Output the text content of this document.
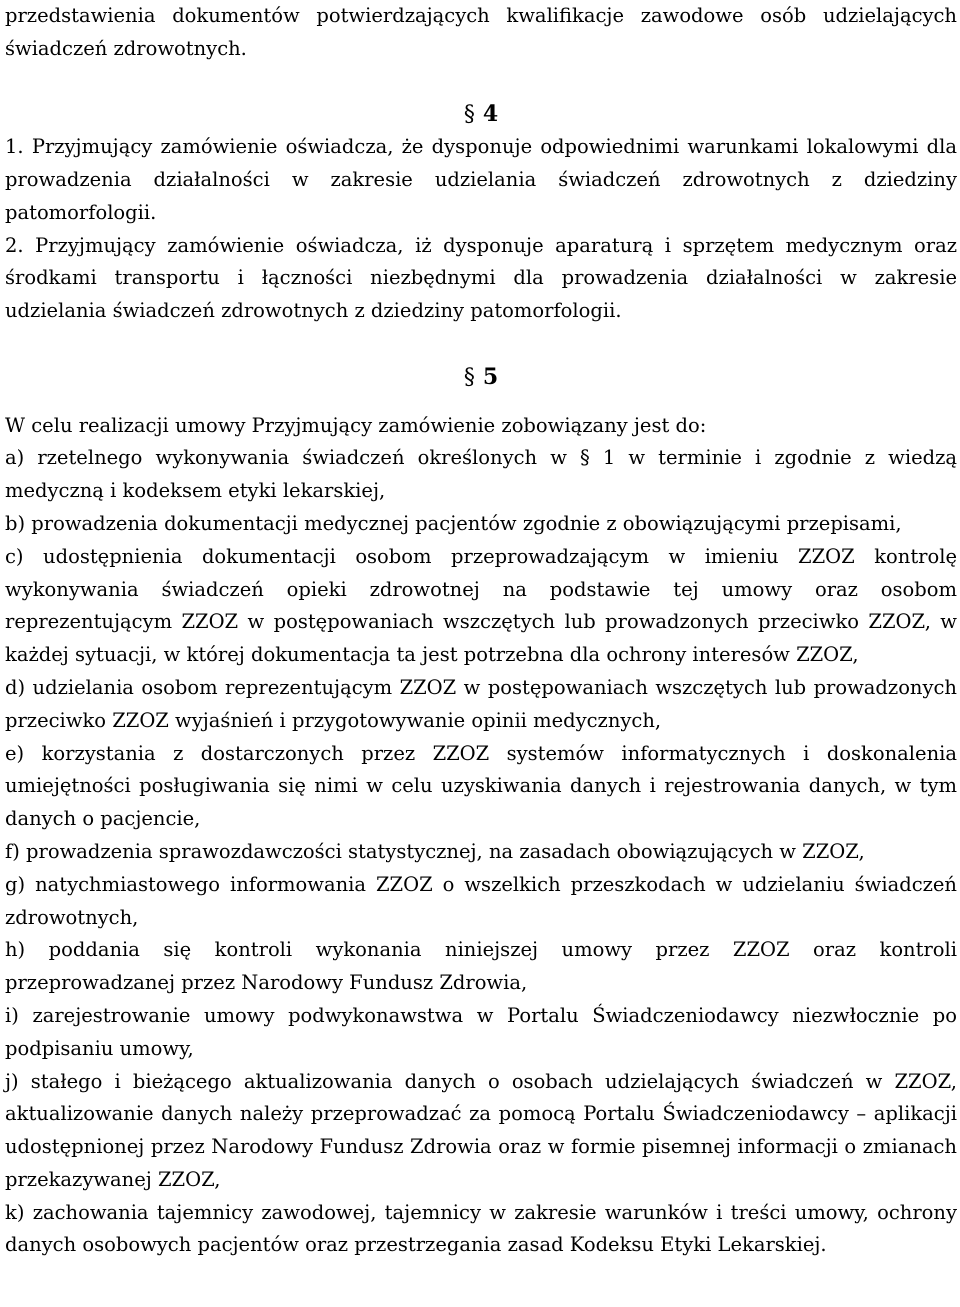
przedstawienia dokumentów potwierdzających kwalifikacje zawodowe osób udzielających świadczeń zdrowotnych.

§ 4

1. Przyjmujący zamówienie oświadcza, że dysponuje odpowiednimi warunkami lokalowymi dla prowadzenia działalności w zakresie udzielania świadczeń zdrowotnych z dziedziny patomorfologii.

2. Przyjmujący zamówienie oświadcza, iż dysponuje aparaturą i sprzętem medycznym oraz środkami transportu i łączności niezbędnymi dla prowadzenia działalności w zakresie udzielania świadczeń zdrowotnych z dziedziny patomorfologii.

§ 5

W celu realizacji umowy Przyjmujący zamówienie zobowiązany jest do:

a) rzetelnego wykonywania świadczeń określonych w § 1 w terminie i zgodnie z wiedzą medyczną i kodeksem etyki lekarskiej,

b) prowadzenia dokumentacji medycznej pacjentów zgodnie z obowiązującymi przepisami,

c) udostępnienia dokumentacji osobom przeprowadzającym w imieniu ZZOZ kontrolę wykonywania świadczeń opieki zdrowotnej na podstawie tej umowy oraz osobom reprezentującym ZZOZ w postępowaniach wszczętych lub prowadzonych przeciwko ZZOZ, w każdej sytuacji, w której dokumentacja ta jest potrzebna dla ochrony interesów ZZOZ,

d) udzielania osobom reprezentującym ZZOZ w postępowaniach wszczętych lub prowadzonych przeciwko ZZOZ wyjaśnień i przygotowywanie opinii medycznych,

e) korzystania z dostarczonych przez ZZOZ systemów informatycznych i doskonalenia umiejętności posługiwania się nimi w celu uzyskiwania danych i rejestrowania danych, w tym danych o pacjencie,

f) prowadzenia sprawozdawczości statystycznej, na zasadach obowiązujących w ZZOZ,

g) natychmiastowego informowania ZZOZ o wszelkich przeszkodach w udzielaniu świadczeń zdrowotnych,

h) poddania się kontroli wykonania niniejszej umowy przez ZZOZ oraz kontroli przeprowadzanej przez Narodowy Fundusz Zdrowia,

i) zarejestrowanie umowy podwykonawstwa w Portalu Świadczeniodawcy niezwłocznie po podpisaniu umowy,

j) stałego i bieżącego aktualizowania danych o osobach udzielających świadczeń w ZZOZ, aktualizowanie danych należy przeprowadzać za pomocą Portalu Świadczeniodawcy – aplikacji udostępnionej przez Narodowy Fundusz Zdrowia oraz w formie pisemnej informacji o zmianach przekazywanej ZZOZ,

k) zachowania tajemnicy zawodowej, tajemnicy w zakresie warunków i treści umowy, ochrony danych osobowych pacjentów oraz przestrzegania zasad Kodeksu Etyki Lekarskiej.
